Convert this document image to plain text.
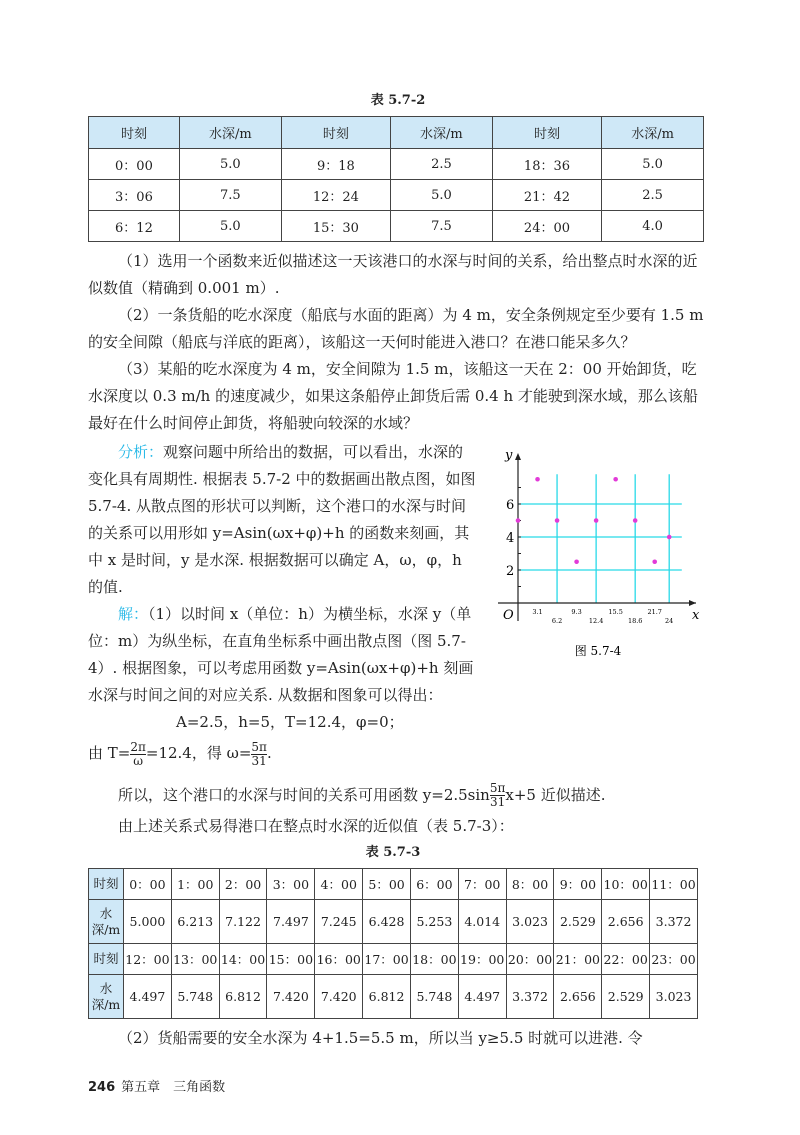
表 5.7-2
时刻	水深/m	时刻	水深/m	时刻	水深/m
0：00	5.0	9：18	2.5	18：36	5.0
3：06	7.5	12：24	5.0	21：42	2.5
6：12	5.0	15：30	7.5	24：00	4.0

（1）选用一个函数来近似描述这一天该港口的水深与时间的关系，给出整点时水深的近似数值（精确到 0.001 m）.

（2）一条货船的吃水深度（船底与水面的距离）为 4 m，安全条例规定至少要有 1.5 m的安全间隙（船底与洋底的距离），该船这一天何时能进入港口？在港口能呆多久？

（3）某船的吃水深度为 4 m，安全间隙为 1.5 m，该船这一天在 2：00 开始卸货，吃水深度以 0.3 m/h 的速度减少，如果这条船停止卸货后需 0.4 h 才能驶到深水域，那么该船最好在什么时间停止卸货，将船驶向较深的水域？

x
y
O
2
4
6
3.1
6.2
9.3
12.4
15.5
18.6
21.7
24
图 5.7-4

分析：观察问题中所给出的数据，可以看出，水深的变化具有周期性. 根据表 5.7-2 中的数据画出散点图，如图 5.7-4. 从散点图的形状可以判断，这个港口的水深与时间的关系可以用形如 y=Asin(ωx+φ)+h 的函数来刻画，其中 x 是时间，y 是水深. 根据数据可以确定 A，ω，φ，h 的值.

解：（1）以时间 x（单位：h）为横坐标，水深 y（单位：m）为纵坐标，在直角坐标系中画出散点图（图 5.7-4）. 根据图象，可以考虑用函数 y=Asin(ωx+φ)+h 刻画水深与时间之间的对应关系. 从数据和图象可以得出：

A=2.5，h=5，T=12.4，φ=0；
由 $T= \frac{2\pi}{\omega} =12.4$，得 $\omega= \frac{5\pi}{31}$ .
所以，这个港口的水深与时间的关系可用函数 $y=2.5\sin \frac{5\pi}{31} x+5$ 近似描述.
由上述关系式易得港口在整点时水深的近似值（表 5.7-3）：
表 5.7-3
时刻	0：00	1：00	2：00	3：00	4：00	5：00	6：00	7：00	8：00	9：00	10：00	11：00
水深/m	5.000	6.213	7.122	7.497	7.245	6.428	5.253	4.014	3.023	2.529	2.656	3.372
时刻	12：00	13：00	14：00	15：00	16：00	17：00	18：00	19：00	20：00	21：00	22：00	23：00
水深/m	4.497	5.748	6.812	7.420	7.420	6.812	5.748	4.497	3.372	2.656	2.529	3.023

（2）货船需要的安全水深为 4+1.5=5.5 m，所以当 y≥5.5 时就可以进港. 令

246 第五章　三角函数
